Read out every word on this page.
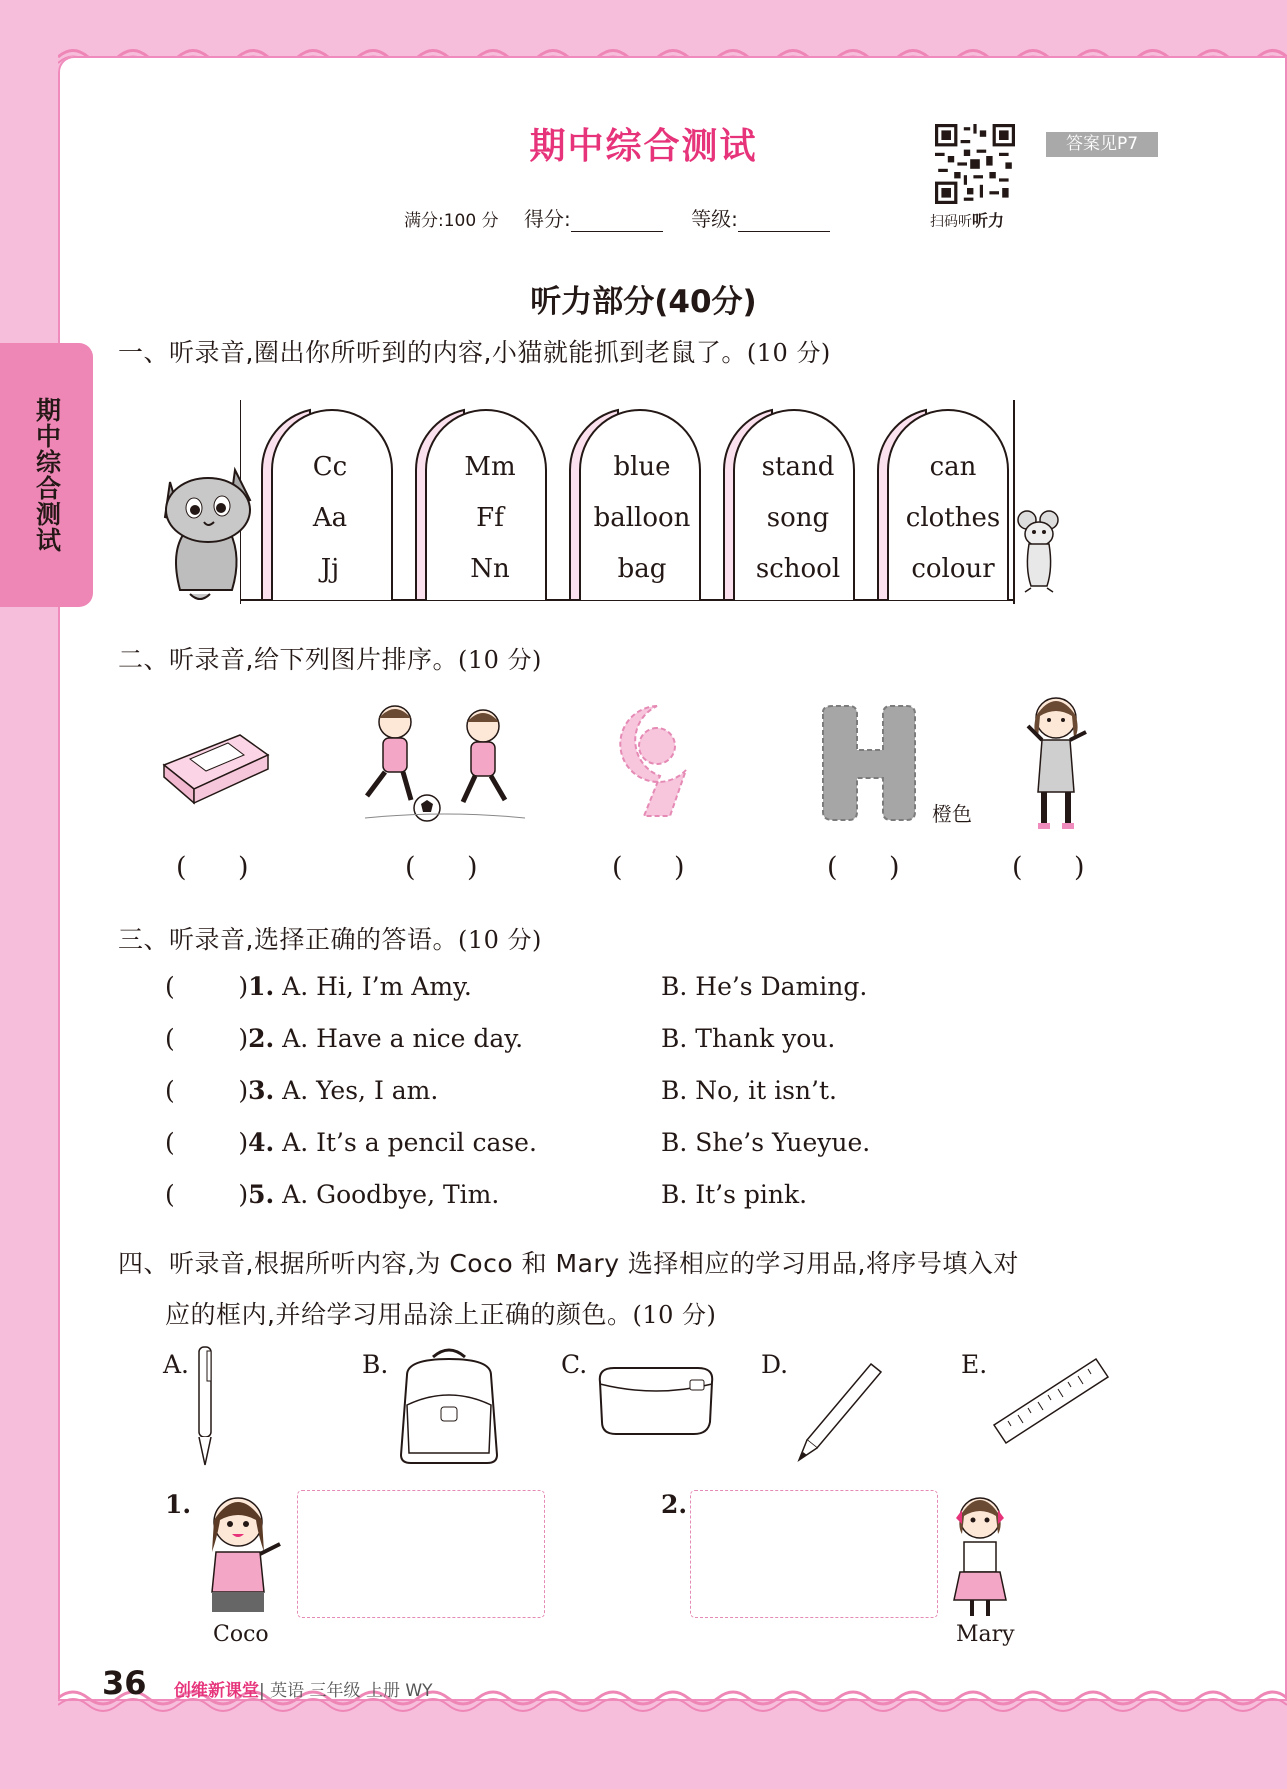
期中综合测试
期中综合测试
扫码听听力
答案见P7
满分:100 分 得分:	等级:
听力部分(40分)
一、听录音,圈出你所听到的内容,小猫就能抓到老鼠了。(10 分)
Cc
Aa
Jj
Mm
Ff
Nn
blue
balloon
bag
stand
song
school
can
clothes
colour
二、听录音,给下列图片排序。(10 分)
橙色
(      )	(      )	(      )	(      )	(      )
三、听录音,选择正确的答语。(10 分)
(        )1. A. Hi, I’m Amy.	B. He’s Daming.
(        )2. A. Have a nice day.	B. Thank you.
(        )3. A. Yes, I am.	B. No, it isn’t.
(        )4. A. It’s a pencil case.	B. She’s Yueyue.
(        )5. A. Goodbye, Tim.	B. It’s pink.
四、听录音,根据所听内容,为 Coco 和 Mary 选择相应的学习用品,将序号填入对
应的框内,并给学习用品涂上正确的颜色。(10 分)
A.	B.	C.	D.	E.
1.
Coco
2.
Mary
36 创维新课堂| 英语 三年级 上册 WY
